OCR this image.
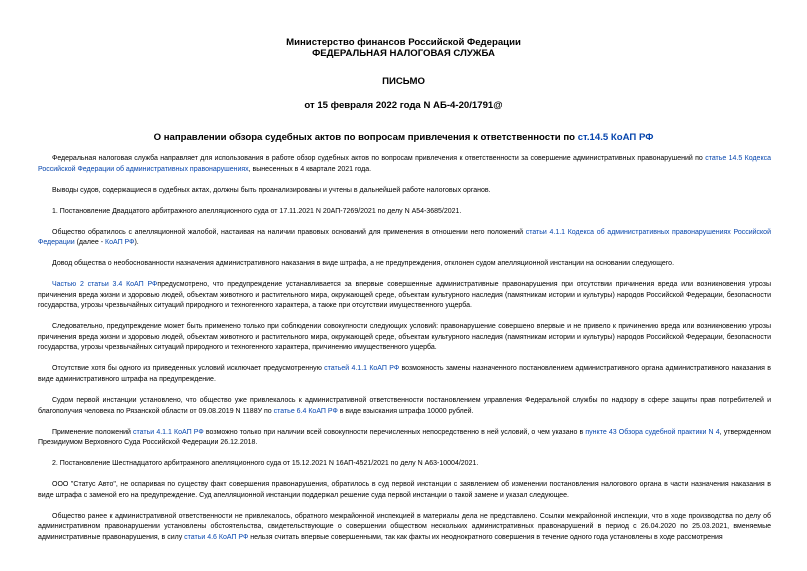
Министерство финансов Российской Федерации
ФЕДЕРАЛЬНАЯ НАЛОГОВАЯ СЛУЖБА
ПИСЬМО
от 15 февраля 2022 года N АБ-4-20/1791@
О направлении обзора судебных актов по вопросам привлечения к ответственности по ст.14.5 КоАП РФ

Федеральная налоговая служба направляет для использования в работе обзор судебных актов по вопросам привлечения к ответственности за совершение административных правонарушений по статье 14.5 Кодекса Российской Федерации об административных правонарушениях, вынесенных в 4 квартале 2021 года.

Выводы судов, содержащиеся в судебных актах, должны быть проанализированы и учтены в дальнейшей работе налоговых органов.

1. Постановление Двадцатого арбитражного апелляционного суда от 17.11.2021 N 20АП-7269/2021 по делу N А54-3685/2021.

Общество обратилось с апелляционной жалобой, настаивая на наличии правовых оснований для применения в отношении него положений статьи 4.1.1 Кодекса об административных правонарушениях Российской Федерации (далее - КоАП РФ).

Довод общества о необоснованности назначения административного наказания в виде штрафа, а не предупреждения, отклонен судом апелляционной инстанции на основании следующего.

Частью 2 статьи 3.4 КоАП РФпредусмотрено, что предупреждение устанавливается за впервые совершенные административные правонарушения при отсутствии причинения вреда или возникновения угрозы причинения вреда жизни и здоровью людей, объектам животного и растительного мира, окружающей среде, объектам культурного наследия (памятникам истории и культуры) народов Российской Федерации, безопасности государства, угрозы чрезвычайных ситуаций природного и техногенного характера, а также при отсутствии имущественного ущерба.

Следовательно, предупреждение может быть применено только при соблюдении совокупности следующих условий: правонарушение совершено впервые и не привело к причинению вреда или возникновению угрозы причинения вреда жизни и здоровью людей, объектам животного и растительного мира, окружающей среде, объектам культурного наследия (памятникам истории и культуры) народов Российской Федерации, безопасности государства, угрозы чрезвычайных ситуаций природного и техногенного характера, причинению имущественного ущерба.

Отсутствие хотя бы одного из приведенных условий исключает предусмотренную статьей 4.1.1 КоАП РФ возможность замены назначенного постановлением административного органа административного наказания в виде административного штрафа на предупреждение.

Судом первой инстанции установлено, что общество уже привлекалось к административной ответственности постановлением управления Федеральной службы по надзору в сфере защиты прав потребителей и благополучия человека по Рязанской области от 09.08.2019 N 1188У по статье 6.4 КоАП РФ в виде взыскания штрафа 10000 рублей.

Применение положений статьи 4.1.1 КоАП РФ возможно только при наличии всей совокупности перечисленных непосредственно в ней условий, о чем указано в пункте 43 Обзора судебной практики N 4, утвержденном Президиумом Верховного Суда Российской Федерации 26.12.2018.

2. Постановление Шестнадцатого арбитражного апелляционного суда от 15.12.2021 N 16АП-4521/2021 по делу N А63-10004/2021.

ООО "Статус Авто", не оспаривая по существу факт совершения правонарушения, обратилось в суд первой инстанции с заявлением об изменении постановления налогового органа в части назначения наказания в виде штрафа с заменой его на предупреждение. Суд апелляционной инстанции поддержал решение суда первой инстанции о такой замене и указал следующее.

Общество ранее к административной ответственности не привлекалось, обратного межрайонной инспекцией в материалы дела не представлено. Ссылки межрайонной инспекции, что в ходе производства по делу об административном правонарушении установлены обстоятельства, свидетельствующие о совершении обществом нескольких административных правонарушений в период с 26.04.2020 по 25.03.2021, вменяемые административные правонарушения, в силу статьи 4.6 КоАП РФ нельзя считать впервые совершенными, так как факты их неоднократного совершения в течение одного года установлены в ходе рассмотрения
